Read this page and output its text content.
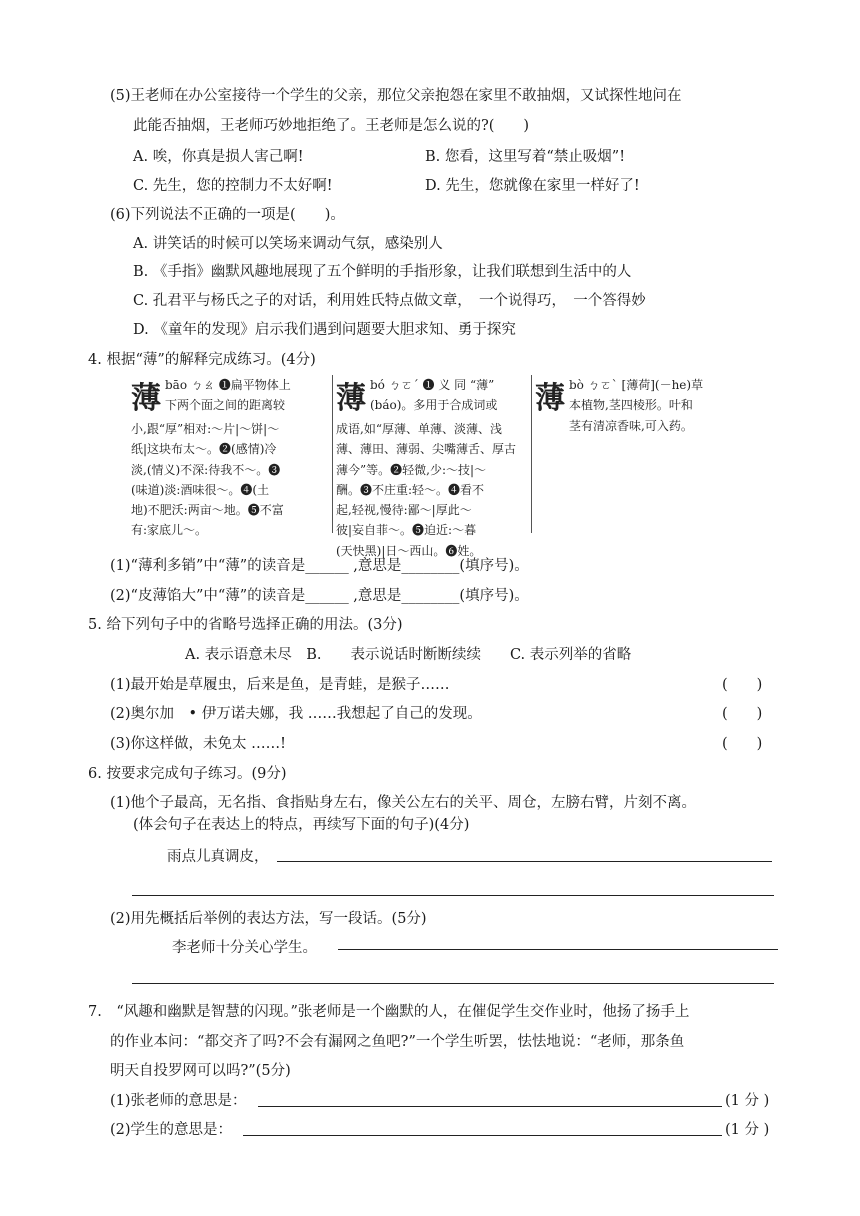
(5)王老师在办公室接待一个学生的父亲，那位父亲抱怨在家里不敢抽烟，又试探性地问在
此能否抽烟，王老师巧妙地拒绝了。王老师是怎么说的?(　　)
A. 唉，你真是损人害己啊!	B. 您看，这里写着“禁止吸烟”!
C. 先生，您的控制力不太好啊!	D. 先生，您就像在家里一样好了!
(6)下列说法不正确的一项是(　　)。
A. 讲笑话的时候可以笑场来调动气氛，感染别人
B. 《手指》幽默风趣地展现了五个鲜明的手指形象，让我们联想到生活中的人
C. 孔君平与杨氏之子的对话，利用姓氏特点做文章，　一个说得巧，　一个答得妙
D. 《童年的发现》启示我们遇到问题要大胆求知、勇于探究
4. 根据“薄”的解释完成练习。(4分)
薄 bāo ㄅㄠ ❶扁平物体上
下两个面之间的距离较
小,跟“厚”相对:～片|～饼|～
纸|这块布太～。❷(感情)冷
淡,(情义)不深:待我不～。❸
(味道)淡:酒味很～。❹(土
地)不肥沃:两亩～地。❺不富
有:家底儿～。
薄 bó ㄅㄛˊ ❶ 义 同 “薄”
(báo)。多用于合成词或
成语,如“厚薄、单薄、淡薄、浅
薄、薄田、薄弱、尖嘴薄舌、厚古
薄今”等。❷轻微,少:～技|～
酬。❸不庄重:轻～。❹看不
起,轻视,慢待:鄙～|厚此～
彼|妄自菲～。❺迫近:～暮
(天快黑)|日～西山。❻姓。
薄 bò ㄅㄛˋ [薄荷](－he)草
本植物,茎四棱形。叶和
茎有清凉香味,可入药。
(1)“薄利多销”中“薄”的读音是______ ,意思是________(填序号)。
(2)“皮薄馅大”中“薄”的读音是______ ,意思是________(填序号)。
5. 给下列句子中的省略号选择正确的用法。(3分)
A. 表示语意未尽　B.　　表示说话时断断续续　　C. 表示列举的省略
(1)最开始是草履虫，后来是鱼，是青蛙，是猴子……	(　　)
(2)奥尔加　• 伊万诺夫娜，我 ……我想起了自己的发现。	(　　)
(3)你这样做，未免太 ……!	(　　)
6. 按要求完成句子练习。(9分)
(1)他个子最高，无名指、食指贴身左右，像关公左右的关平、周仓，左膀右臂，片刻不离。
(体会句子在表达上的特点，再续写下面的句子)(4分)
雨点儿真调皮，
(2)用先概括后举例的表达方法，写一段话。(5分)
李老师十分关心学生。
7.　“风趣和幽默是智慧的闪现。”张老师是一个幽默的人，在催促学生交作业时，他扬了扬手上
的作业本问：“都交齐了吗?不会有漏网之鱼吧?”一个学生听罢，怯怯地说：“老师，那条鱼
明天自投罗网可以吗?”(5分)
(1)张老师的意思是：	(1 分 )
(2)学生的意思是：	(1 分 )
